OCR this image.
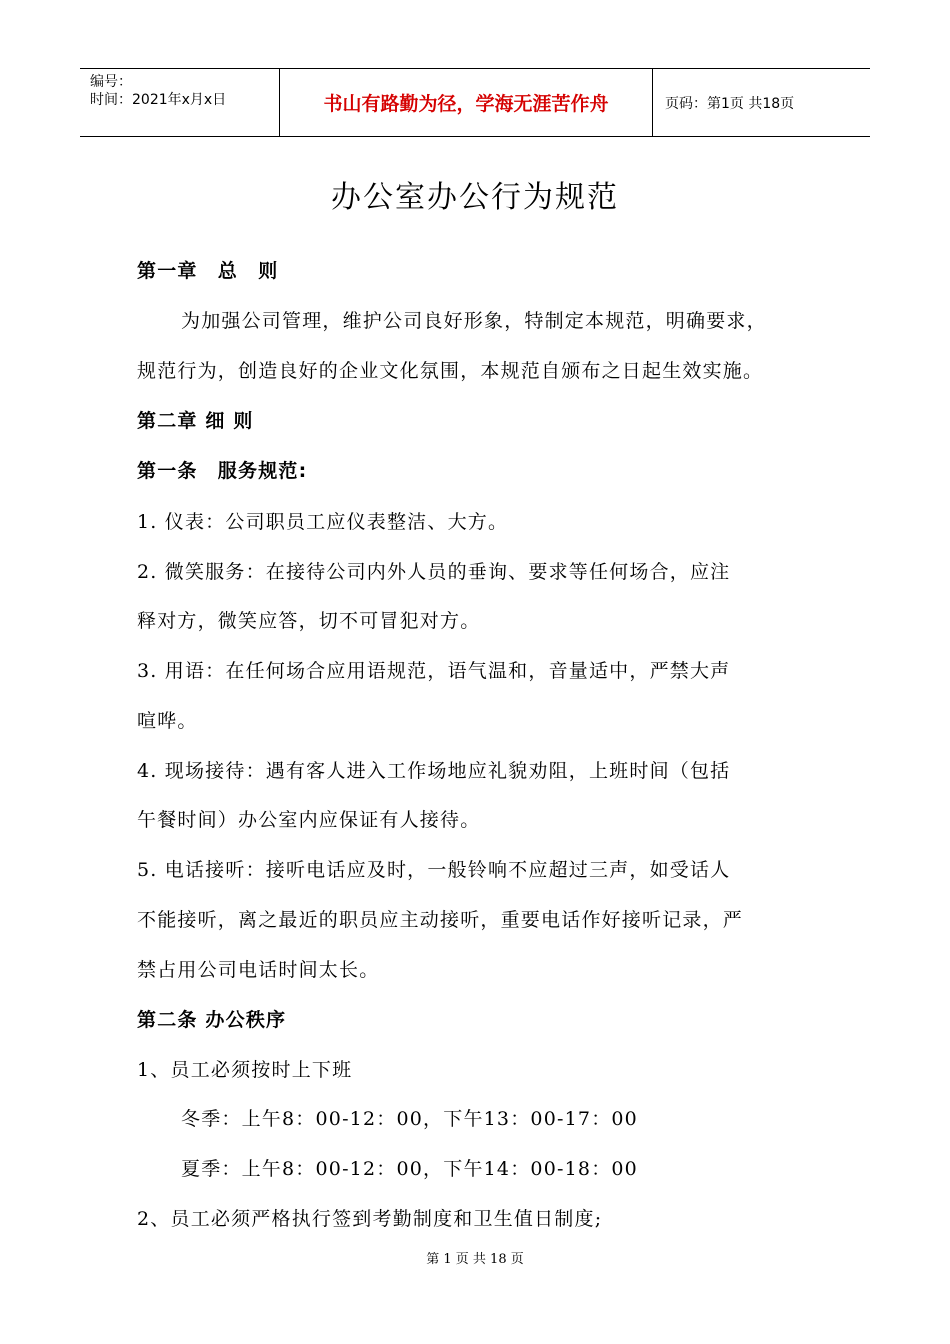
编号：
时间：2021年x月x日	书山有路勤为径，学海无涯苦作舟	页码：第1页 共18页
办公室办公行为规范
第一章　总　则
为加强公司管理，维护公司良好形象，特制定本规范，明确要求，
规范行为，创造良好的企业文化氛围，本规范自颁布之日起生效实施。
第二章 细 则
第一条　服务规范:
1. 仪表：公司职员工应仪表整洁、大方。
2. 微笑服务：在接待公司内外人员的垂询、要求等任何场合，应注
释对方，微笑应答，切不可冒犯对方。
3. 用语：在任何场合应用语规范，语气温和，音量适中，严禁大声
喧哗。
4. 现场接待：遇有客人进入工作场地应礼貌劝阻，上班时间（包括
午餐时间）办公室内应保证有人接待。
5. 电话接听：接听电话应及时，一般铃响不应超过三声，如受话人
不能接听，离之最近的职员应主动接听，重要电话作好接听记录，严
禁占用公司电话时间太长。
第二条 办公秩序
1、员工必须按时上下班
冬季：上午8：00-12：00，下午13：00-17：00
夏季：上午8：00-12：00，下午14：00-18：00
2、员工必须严格执行签到考勤制度和卫生值日制度;
第 1 页 共 18 页
